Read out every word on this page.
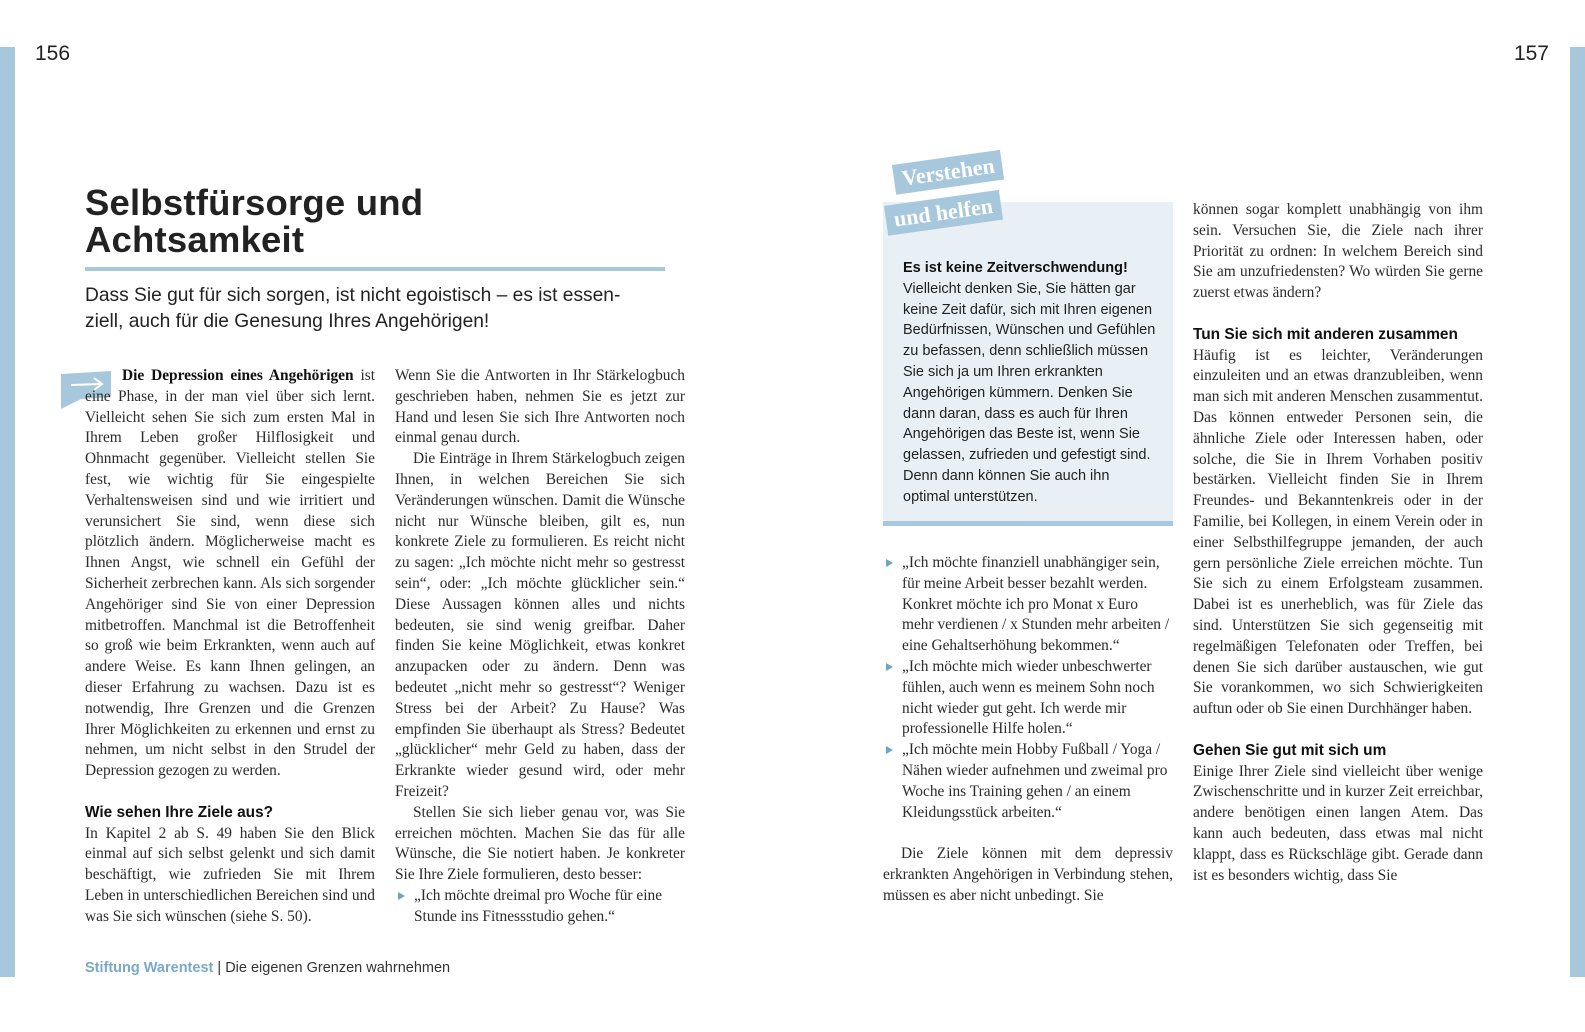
156
Selbstfürsorge und
Achtsamkeit

Dass Sie gut für sich sorgen, ist nicht egoistisch – es ist essen-
ziell, auch für die Genesung Ihres Angehörigen!

Die Depression eines Angehörigen ist eine Phase, in der man viel über sich lernt. Vielleicht sehen Sie sich zum ersten Mal in Ihrem Leben großer Hilflosigkeit und Ohnmacht gegenüber. Vielleicht stellen Sie fest, wie wichtig für Sie eingespielte Verhaltensweisen sind und wie irritiert und verunsichert Sie sind, wenn diese sich plötzlich ändern. Möglicherweise macht es Ihnen Angst, wie schnell ein Gefühl der Sicherheit zerbrechen kann. Als sich sorgender Angehöriger sind Sie von einer Depression mitbetroffen. Manchmal ist die Betroffenheit so groß wie beim Erkrankten, wenn auch auf andere Weise. Es kann Ihnen gelingen, an dieser Erfahrung zu wachsen. Dazu ist es notwendig, Ihre Grenzen und die Grenzen Ihrer Möglichkeiten zu erkennen und ernst zu nehmen, um nicht selbst in den Strudel der Depression gezogen zu werden.

Wie sehen Ihre Ziele aus?

In Kapitel 2 ab S. 49 haben Sie den Blick einmal auf sich selbst gelenkt und sich damit beschäftigt, wie zufrieden Sie mit Ihrem Leben in unterschiedlichen Bereichen sind und was Sie sich wünschen (siehe S. 50).

Wenn Sie die Antworten in Ihr Stärkelogbuch geschrieben haben, nehmen Sie es jetzt zur Hand und lesen Sie sich Ihre Antworten noch einmal genau durch.

Die Einträge in Ihrem Stärkelogbuch zeigen Ihnen, in welchen Bereichen Sie sich Veränderungen wünschen. Damit die Wünsche nicht nur Wünsche bleiben, gilt es, nun konkrete Ziele zu formulieren. Es reicht nicht zu sagen: „Ich möchte nicht mehr so gestresst sein“, oder: „Ich möchte glücklicher sein.“ Diese Aussagen können alles und nichts bedeuten, sie sind wenig greifbar. Daher finden Sie keine Möglichkeit, etwas konkret anzupacken oder zu ändern. Denn was bedeutet „nicht mehr so gestresst“? Weniger Stress bei der Arbeit? Zu Hause? Was empfinden Sie überhaupt als Stress? Bedeutet „glücklicher“ mehr Geld zu haben, dass der Erkrankte wieder gesund wird, oder mehr Freizeit?

Stellen Sie sich lieber genau vor, was Sie erreichen möchten. Machen Sie das für alle Wünsche, die Sie notiert haben. Je konkreter Sie Ihre Ziele formulieren, desto besser:

„Ich möchte dreimal pro Woche für eine Stunde ins Fitnessstudio gehen.“
Stiftung Warentest | Die eigenen Grenzen wahrnehmen
157
Verstehen
und helfen

Es ist keine Zeitverschwendung!
Vielleicht denken Sie, Sie hätten gar keine Zeit dafür, sich mit Ihren eigenen Bedürfnissen, Wünschen und Gefühlen zu befassen, denn schließlich müssen Sie sich ja um Ihren erkrankten Angehörigen kümmern. Denken Sie dann daran, dass es auch für Ihren Angehörigen das Beste ist, wenn Sie gelassen, zufrieden und gefestigt sind. Denn dann können Sie auch ihn optimal unterstützen.

„Ich möchte finanziell unabhängiger sein, für meine Arbeit besser bezahlt werden. Konkret möchte ich pro Monat x Euro mehr verdienen / x Stunden mehr arbeiten / eine Gehaltserhöhung bekommen.“
„Ich möchte mich wieder unbeschwerter fühlen, auch wenn es meinem Sohn noch nicht wieder gut geht. Ich werde mir professionelle Hilfe holen.“
„Ich möchte mein Hobby Fußball / Yoga / Nähen wieder aufnehmen und zweimal pro Woche ins Training gehen / an einem Kleidungsstück arbeiten.“

Die Ziele können mit dem depressiv erkrankten Angehörigen in Verbindung stehen, müssen es aber nicht unbedingt. Sie

können sogar komplett unabhängig von ihm sein. Versuchen Sie, die Ziele nach ihrer Priorität zu ordnen: In welchem Bereich sind Sie am unzufriedensten? Wo würden Sie gerne zuerst etwas ändern?

Tun Sie sich mit anderen zusammen

Häufig ist es leichter, Veränderungen einzuleiten und an etwas dranzubleiben, wenn man sich mit anderen Menschen zusammentut. Das können entweder Personen sein, die ähnliche Ziele oder Interessen haben, oder solche, die Sie in Ihrem Vorhaben positiv bestärken. Vielleicht finden Sie in Ihrem Freundes- und Bekanntenkreis oder in der Familie, bei Kollegen, in einem Verein oder in einer Selbsthilfegruppe jemanden, der auch gern persönliche Ziele erreichen möchte. Tun Sie sich zu einem Erfolgsteam zusammen. Dabei ist es unerheblich, was für Ziele das sind. Unterstützen Sie sich gegenseitig mit regelmäßigen Telefonaten oder Treffen, bei denen Sie sich darüber austauschen, wie gut Sie vorankommen, wo sich Schwierigkeiten auftun oder ob Sie einen Durchhänger haben.

Gehen Sie gut mit sich um

Einige Ihrer Ziele sind vielleicht über wenige Zwischenschritte und in kurzer Zeit erreichbar, andere benötigen einen langen Atem. Das kann auch bedeuten, dass etwas mal nicht klappt, dass es Rückschläge gibt. Gerade dann ist es besonders wichtig, dass Sie
